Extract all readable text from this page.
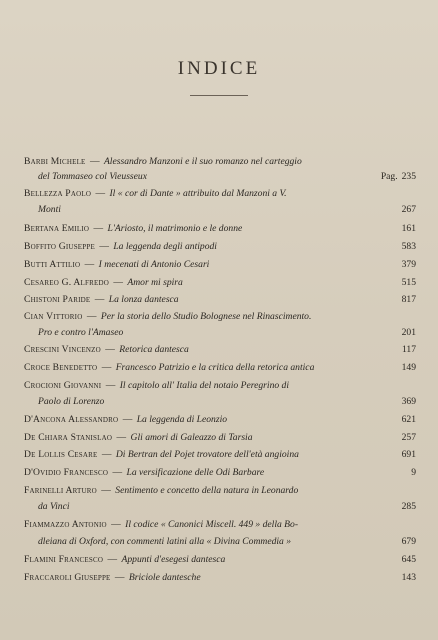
INDICE
Barbi Michele — Alessandro Manzoni e il suo romanzo nel carteggio
del Tommaseo col Vieusseux	Pag. 235
Bellezza Paolo — Il « cor di Dante » attribuito dal Manzoni a V.
Monti	267
Bertana Emilio — L'Ariosto, il matrimonio e le donne	161
Boffito Giuseppe — La leggenda degli antipodi	583
Butti Attilio — I mecenati di Antonio Cesari	379
Cesareo G. Alfredo — Amor mi spira	515
Chistoni Paride — La lonza dantesca	817
Cian Vittorio — Per la storia dello Studio Bolognese nel Rinascimento.
Pro e contro l'Amaseo	201
Crescini Vincenzo — Retorica dantesca	117
Croce Benedetto — Francesco Patrizio e la critica della retorica antica	149
Crocioni Giovanni — Il capitolo all' Italia del notaio Peregrino di
Paolo di Lorenzo	369
D'Ancona Alessandro — La leggenda di Leonzio	621
De Chiara Stanislao — Gli amori di Galeazzo di Tarsia	257
De Lollis Cesare — Di Bertran del Pojet trovatore dell'età angioina	691
D'Ovidio Francesco — La versificazione delle Odi Barbare	9
Farinelli Arturo — Sentimento e concetto della natura in Leonardo
da Vinci	285
Fiammazzo Antonio — Il codice « Canonici Miscell. 449 » della Bo-
dleiana di Oxford, con commenti latini alla « Divina Commedia »	679
Flamini Francesco — Appunti d'esegesi dantesca	645
Fraccaroli Giuseppe — Briciole dantesche	143
